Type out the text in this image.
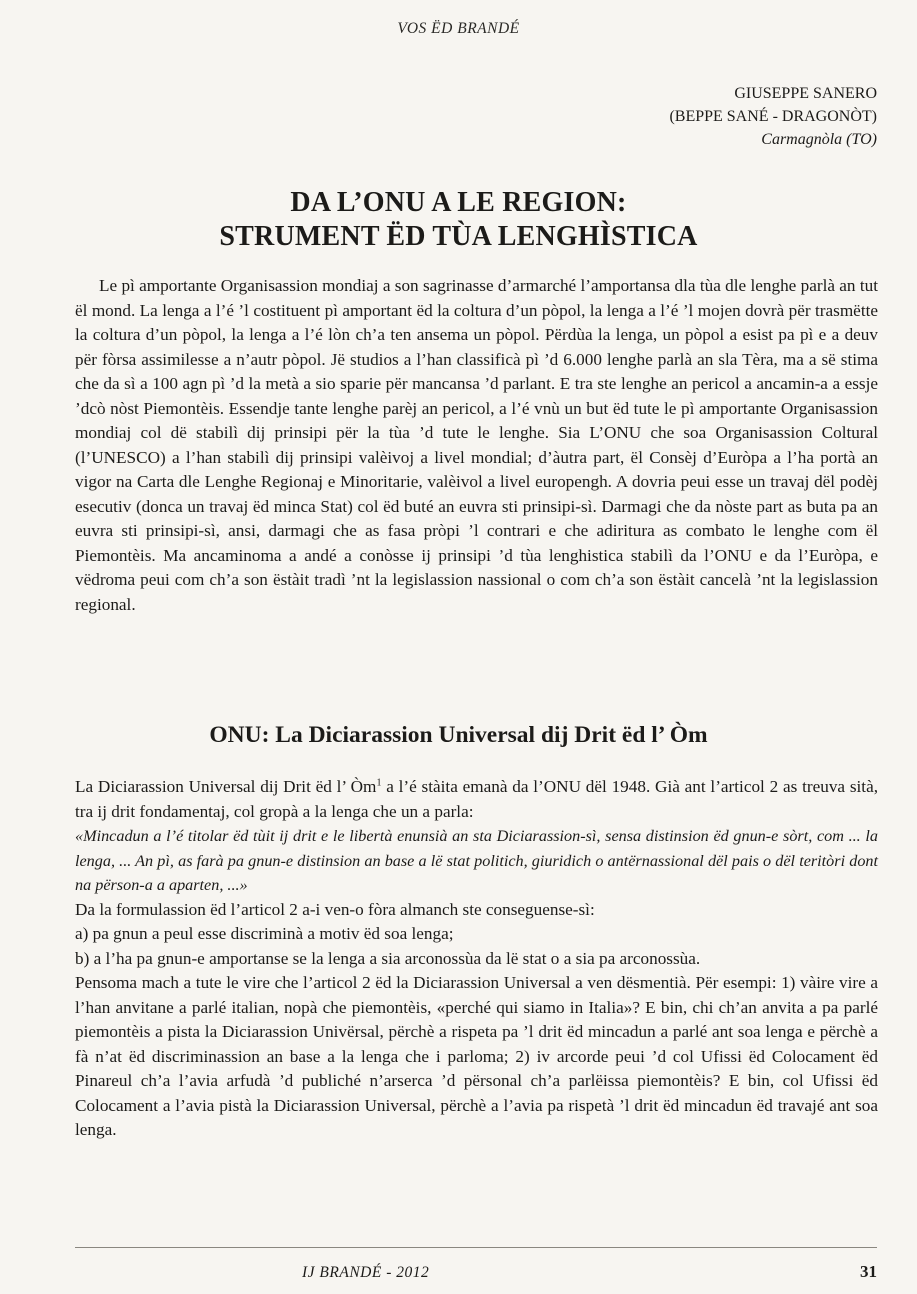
VOS ËD BRANDÉ
GIUSEPPE SANERO
(BEPPE SANÉ - DRAGONÒT)
Carmagnòla (TO)
DA L’ONU A LE REGION:
STRUMENT ËD TÙA LENGHÌSTICA

Le pì amportante Organisassion mondiaj a son sagrinasse d’armarché l’amportansa dla tùa dle lenghe parlà an tut ël mond. La lenga a l’é ’l costituent pì amportant ëd la coltura d’un pòpol, la lenga a l’é ’l mojen dovrà për trasmëtte la coltura d’un pòpol, la lenga a l’é lòn ch’a ten ansema un pòpol. Përdùa la lenga, un pòpol a esist pa pì e a deuv për fòrsa assimilesse a n’autr pòpol. Jë studios a l’han classificà pì ’d 6.000 lenghe parlà an sla Tèra, ma a së stima che da sì a 100 agn pì ’d la metà a sio sparie për mancansa ’d parlant. E tra ste lenghe an pericol a ancamin-a a essje ’dcò nòst Piemontèis. Essendje tante lenghe parèj an pericol, a l’é vnù un but ëd tute le pì amportante Organisassion mondiaj col dë stabilì dij prinsipi për la tùa ’d tute le lenghe. Sia L’ONU che soa Organisassion Coltural (l’UNESCO) a l’han stabilì dij prinsipi valèivoj a livel mondial; d’àutra part, ël Consèj d’Euròpa a l’ha portà an vigor na Carta dle Lenghe Regionaj e Minoritarie, valèivol a livel europengh. A dovria peui esse un travaj dël podèj esecutiv (donca un travaj ëd minca Stat) col ëd buté an euvra sti prinsipi-sì. Darmagi che da nòste part as buta pa an euvra sti prinsipi-sì, ansi, darmagi che as fasa pròpi ’l contrari e che adiritura as combato le lenghe com ël Piemontèis. Ma ancaminoma a andé a conòsse ij prinsipi ’d tùa lenghistica stabilì da l’ONU e da l’Euròpa, e vëdroma peui com ch’a son ëstàit tradì ’nt la legislassion nassional o com ch’a son ëstàit cancelà ’nt la legislassion regional.

ONU: La Diciarassion Universal dij Drit ëd l’ Òm

La Diciarassion Universal dij Drit ëd l’ $Òm^1$ a l’é stàita emanà da l’ONU dël 1948. Già ant l’articol 2 as treuva sità, tra ij drit fondamentaj, col gropà a la lenga che un a parla:

«Mincadun a l’é titolar ëd tùit ij drit e le libertà enunsià an sta Diciarassion-sì, sensa distinsion ëd gnun-e sòrt, com ... la lenga, ... An pì, as farà pa gnun-e distinsion an base a lë stat politich, giuridich o antërnassional dël pais o dël teritòri dont na përson-a a aparten, ...»

Da la formulassion ëd l’articol 2 a-i ven-o fòra almanch ste conseguense-sì:

a) pa gnun a peul esse discriminà a motiv ëd soa lenga;

b) a l’ha pa gnun-e amportanse se la lenga a sia arconossùa da lë stat o a sia pa arconossùa.

Pensoma mach a tute le vire che l’articol 2 ëd la Diciarassion Universal a ven dësmentià. Për esempi: 1) vàire vire a l’han anvitane a parlé italian, nopà che piemontèis, «perché qui siamo in Italia»? E bin, chi ch’an anvita a pa parlé piemontèis a pista la Diciarassion Univërsal, përchè a rispeta pa ’l drit ëd mincadun a parlé ant soa lenga e përchè a fà n’at ëd discriminassion an base a la lenga che i parloma; 2) iv arcorde peui ’d col Ufissi ëd Colocament ëd Pinareul ch’a l’avia arfudà ’d publiché n’arserca ’d përsonal ch’a parlëissa piemontèis? E bin, col Ufissi ëd Colocament a l’avia pistà la Diciarassion Universal, përchè a l’avia pa rispetà ’l drit ëd mincadun ëd travajé ant soa lenga.

IJ BRANDÉ - 2012	31
